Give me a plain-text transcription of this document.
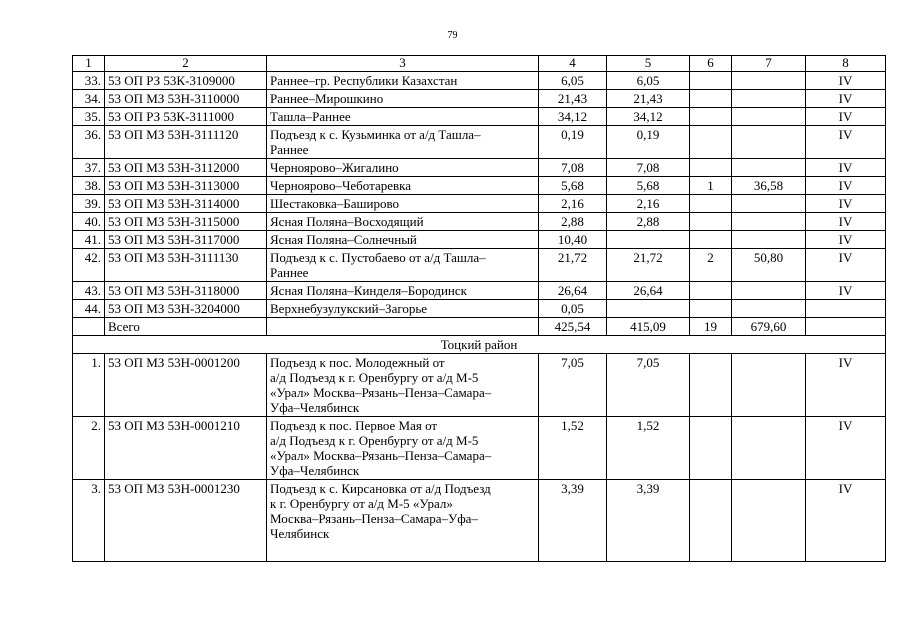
79
1	2	3	4	5	6	7	8
33.	53 ОП РЗ 53К-3109000	Раннее–гр. Республики Казахстан	6,05	6,05			IV
34.	53 ОП МЗ 53Н-3110000	Раннее–Мирошкино	21,43	21,43			IV
35.	53 ОП РЗ 53К-3111000	Ташла–Раннее	34,12	34,12			IV
36.	53 ОП МЗ 53Н-3111120	Подъезд к с. Кузьминка от а/д Ташла–
Раннее	0,19	0,19			IV
37.	53 ОП МЗ 53Н-3112000	Черноярово–Жигалино	7,08	7,08			IV
38.	53 ОП МЗ 53Н-3113000	Черноярово–Чеботаревка	5,68	5,68	1	36,58	IV
39.	53 ОП МЗ 53Н-3114000	Шестаковка–Баширово	2,16	2,16			IV
40.	53 ОП МЗ 53Н-3115000	Ясная Поляна–Восходящий	2,88	2,88			IV
41.	53 ОП МЗ 53Н-3117000	Ясная Поляна–Солнечный	10,40				IV
42.	53 ОП МЗ 53Н-3111130	Подъезд к с. Пустобаево от а/д Ташла–
Раннее	21,72	21,72	2	50,80	IV
43.	53 ОП МЗ 53Н-3118000	Ясная Поляна–Кинделя–Бородинск	26,64	26,64			IV
44.	53 ОП МЗ 53Н-3204000	Верхнебузулукский–Загорье	0,05				
	Всего		425,54	415,09	19	679,60	
Тоцкий район							
1.	53 ОП МЗ 53Н-0001200	Подъезд к пос. Молодежный от
а/д Подъезд к г. Оренбургу от а/д М-5
«Урал» Москва–Рязань–Пенза–Самара–
Уфа–Челябинск	7,05	7,05			IV
2.	53 ОП МЗ 53Н-0001210	Подъезд к пос. Первое Мая от
а/д Подъезд к г. Оренбургу от а/д М-5
«Урал» Москва–Рязань–Пенза–Самара–
Уфа–Челябинск	1,52	1,52			IV
3.	53 ОП МЗ 53Н-0001230	Подъезд к с. Кирсановка от а/д Подъезд
к г. Оренбургу от а/д М-5 «Урал»
Москва–Рязань–Пенза–Самара–Уфа–
Челябинск	3,39	3,39			IV
